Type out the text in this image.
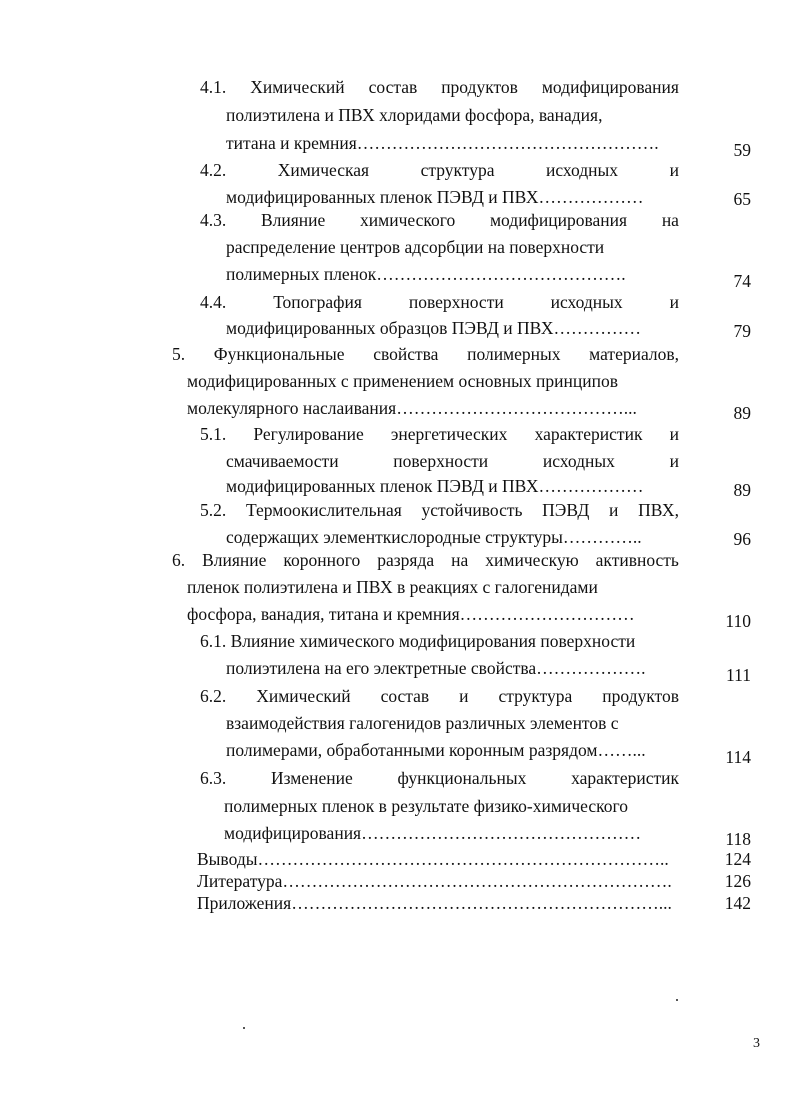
4.1. Химический состав продуктов модифицирования
полиэтилена и ПВХ хлоридами фосфора, ванадия,
титана и кремния…………………………………………….	59
4.2.	Химическая	структура	исходных	и
модифицированных пленок ПЭВД и ПВХ………………	65
4.3. Влияние химического модифицирования на
распределение центров адсорбции на поверхности
полимерных пленок…………………………………….	74
4.4.	Топография	поверхности	исходных	и
модифицированных образцов ПЭВД и ПВХ……………	79
5. Функциональные свойства полимерных материалов,
модифицированных с применением основных принципов
молекулярного наслаивания…………………………………...	89
5.1. Регулирование энергетических характеристик и
смачиваемости	поверхности	исходных	и
модифицированных пленок ПЭВД и ПВХ………………	89
5.2. Термоокислительная устойчивость ПЭВД и ПВХ,
содержащих элементкислородные структуры…………..	96
6. Влияние коронного разряда на химическую активность
пленок полиэтилена и ПВХ в реакциях с галогенидами
фосфора, ванадия, титана и кремния…………………………	110
6.1. Влияние химического модифицирования поверхности
полиэтилена на его электретные свойства……………….	111
6.2. Химический состав и структура продуктов
взаимодействия галогенидов различных элементов с
полимерами, обработанными коронным разрядом……...	114
6.3.	Изменение	функциональных	характеристик
полимерных пленок в результате физико-химического
модифицирования…………………………………………	118
Выводы……………………………………………………………..	124
Литература………………………………………………………….	126
Приложения………………………………………………………...	142
3
